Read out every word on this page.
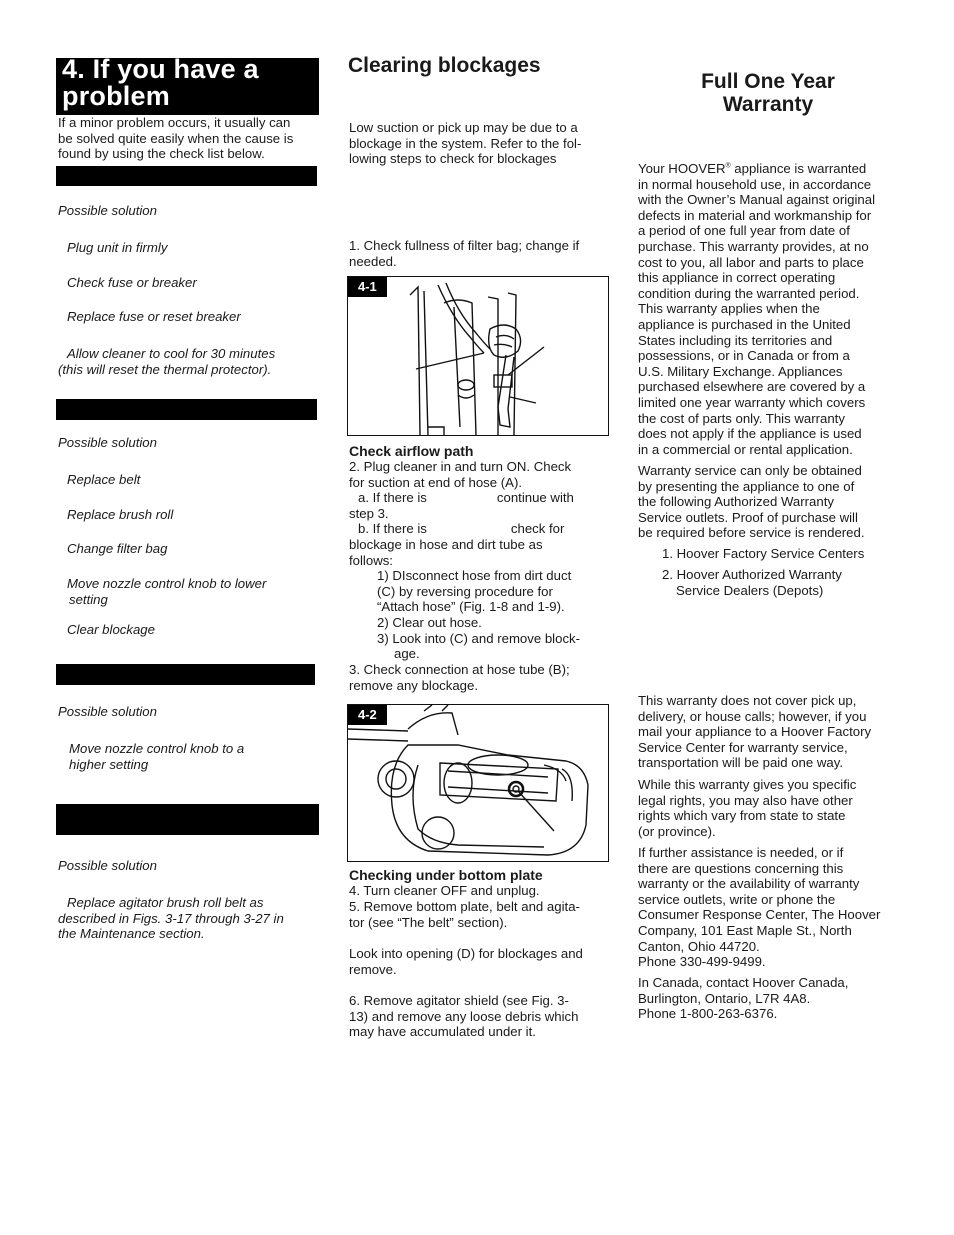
4. If you have a
problem
If a minor problem occurs, it usually can
be solved quite easily when the cause is
found by using the check list below.
Possible solution
Plug unit in firmly
Check fuse or breaker
Replace fuse or reset breaker
Allow cleaner to cool for 30 minutes
(this will reset the thermal protector).
Possible solution
Replace belt
Replace brush roll
Change filter bag
Move nozzle control knob to lower
setting
Clear blockage
Possible solution
Move nozzle control knob to a
higher setting
Possible solution
Replace agitator brush roll belt as
described in Figs. 3-17 through 3-27 in
the Maintenance section.
Clearing blockages
Low suction or pick up may be due to a
blockage in the system. Refer to the fol-
lowing steps to check for blockages
1. Check fullness of filter bag; change if
needed.
4-1
Check airflow path
2. Plug cleaner in and turn ON. Check
for suction at end of hose (A).
a. If there is	continue with
step 3.
b. If there is	check for
blockage in hose and dirt tube as
follows:
1) DIsconnect hose from dirt duct
(C) by reversing procedure for
“Attach hose” (Fig. 1-8 and 1-9).
2) Clear out hose.
3) Look into (C) and remove block-
age.
3. Check connection at hose tube (B);
remove any blockage.
4-2
Checking under bottom plate
4. Turn cleaner OFF and unplug.
5. Remove bottom plate, belt and agita-
tor (see “The belt” section).
Look into opening (D) for blockages and
remove.
6. Remove agitator shield (see Fig. 3-
13) and remove any loose debris which
may have accumulated under it.
Full One Year
Warranty
Your HOOVER® appliance is warranted
in normal household use, in accordance
with the Owner’s Manual against original
defects in material and workmanship for
a period of one full year from date of
purchase. This warranty provides, at no
cost to you, all labor and parts to place
this appliance in correct operating
condition during the warranted period.
This warranty applies when the
appliance is purchased in the United
States including its territories and
possessions, or in Canada or from a
U.S. Military Exchange. Appliances
purchased elsewhere are covered by a
limited one year warranty which covers
the cost of parts only. This warranty
does not apply if the appliance is used
in a commercial or rental application.
Warranty service can only be obtained
by presenting the appliance to one of
the following Authorized Warranty
Service outlets. Proof of purchase will
be required before service is rendered.
1. Hoover Factory Service Centers
2. Hoover Authorized Warranty
Service Dealers (Depots)
This warranty does not cover pick up,
delivery, or house calls; however, if you
mail your appliance to a Hoover Factory
Service Center for warranty service,
transportation will be paid one way.
While this warranty gives you specific
legal rights, you may also have other
rights which vary from state to state
(or province).
If further assistance is needed, or if
there are questions concerning this
warranty or the availability of warranty
service outlets, write or phone the
Consumer Response Center, The Hoover
Company, 101 East Maple St., North
Canton, Ohio 44720.
Phone 330-499-9499.
In Canada, contact Hoover Canada,
Burlington, Ontario, L7R 4A8.
Phone 1-800-263-6376.
